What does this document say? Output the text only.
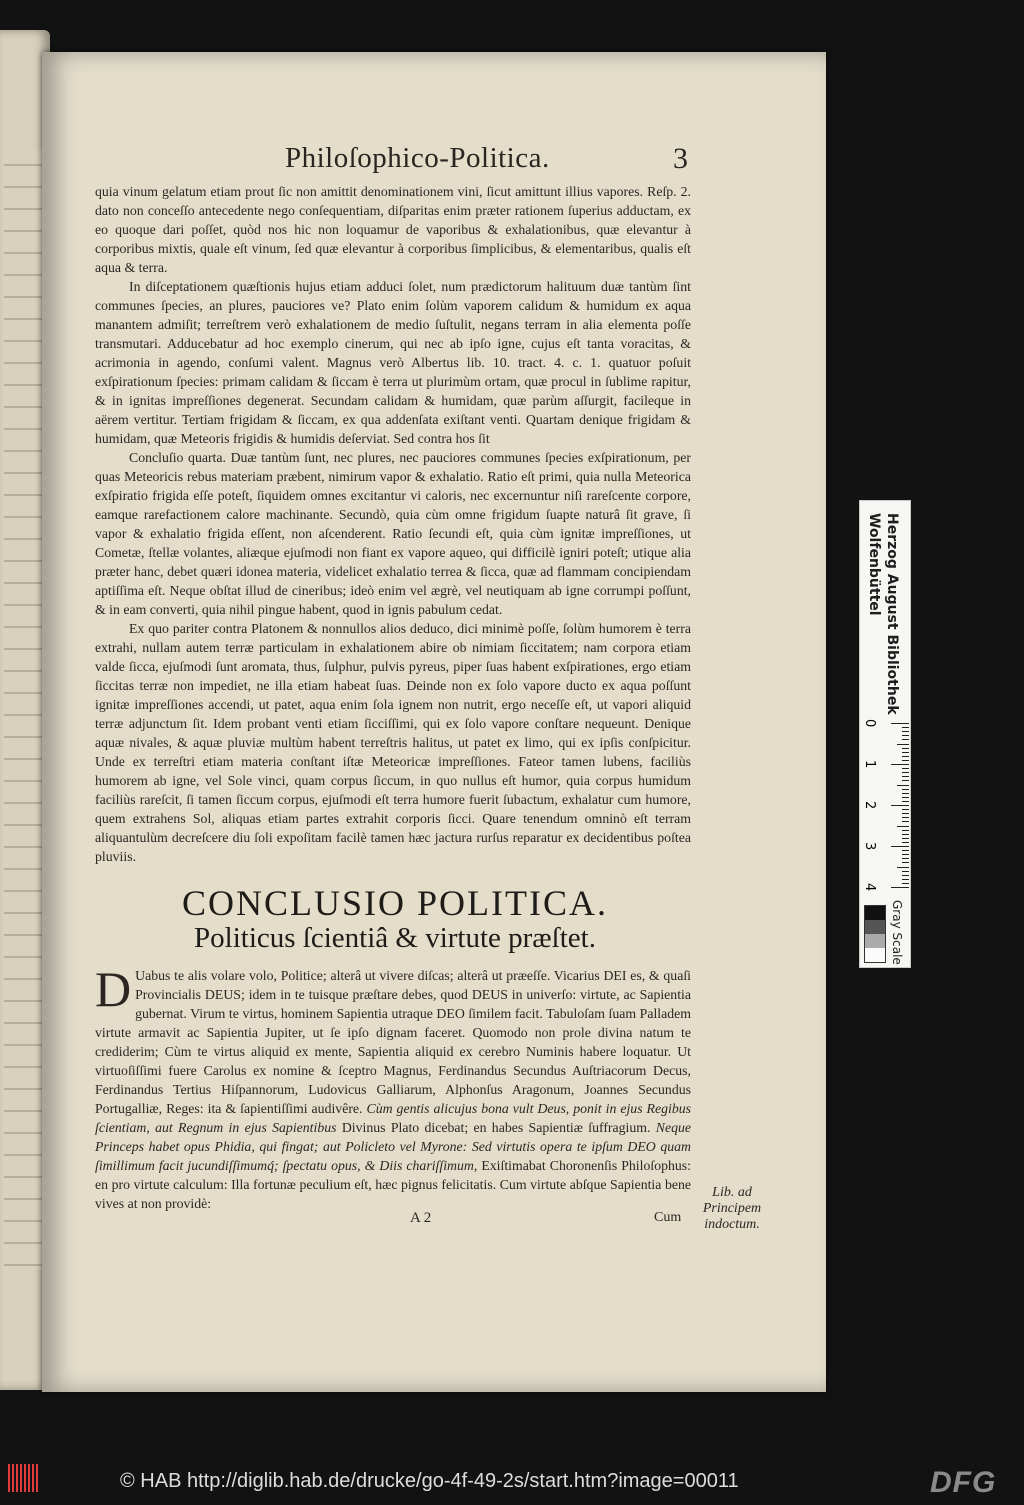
Philoſophico-Politica.	3

quia vinum gelatum etiam prout ſic non amittit denominationem vini, ſicut amittunt illius vapores. Reſp. 2. dato non conceſſo antecedente nego conſequentiam, diſparitas enim præter rationem ſuperius adductam, ex eo quoque dari poſſet, quòd nos hic non loquamur de vaporibus & exhalationibus, quæ elevantur à corporibus mixtis, quale eſt vinum, ſed quæ elevantur à corporibus ſimplicibus, & elementaribus, qualis eſt aqua & terra.

In diſceptationem quæſtionis hujus etiam adduci ſolet, num prædictorum halituum duæ tantùm ſint communes ſpecies, an plures, pauciores ve? Plato enim ſolùm vaporem calidum & humidum ex aqua manantem admiſit; terreſtrem verò exhalationem de medio ſuſtulit, negans terram in alia elementa poſſe transmutari. Adducebatur ad hoc exemplo cinerum, qui nec ab ipſo igne, cujus eſt tanta voracitas, & acrimonia in agendo, conſumi valent. Magnus verò Albertus lib. 10. tract. 4. c. 1. quatuor poſuit exſpirationum ſpecies: primam calidam & ſiccam è terra ut plurimùm ortam, quæ procul in ſublime rapitur, & in ignitas impreſſiones degenerat. Secundam calidam & humidam, quæ parùm aſſurgit, facileque in aërem vertitur. Tertiam frigidam & ſiccam, ex qua addenſata exiſtant venti. Quartam denique frigidam & humidam, quæ Meteoris frigidis & humidis deſerviat. Sed contra hos ſit

Concluſio quarta. Duæ tantùm ſunt, nec plures, nec pauciores communes ſpecies exſpirationum, per quas Meteoricis rebus materiam præbent, nimirum vapor & exhalatio. Ratio eſt primi, quia nulla Meteorica exſpiratio frigida eſſe poteſt, ſiquidem omnes excitantur vi caloris, nec excernuntur niſi rareſcente corpore, eamque rarefactionem calore machinante. Secundò, quia cùm omne frigidum ſuapte naturâ ſit grave, ſi vapor & exhalatio frigida eſſent, non aſcenderent. Ratio ſecundi eſt, quia cùm ignitæ impreſſiones, ut Cometæ, ſtellæ volantes, aliæque ejuſmodi non fiant ex vapore aqueo, qui difficilè igniri poteſt; utique alia præter hanc, debet quæri idonea materia, videlicet exhalatio terrea & ſicca, quæ ad flammam concipiendam aptiſſima eſt. Neque obſtat illud de cineribus; ideò enim vel ægrè, vel neutiquam ab igne corrumpi poſſunt, & in eam converti, quia nihil pingue habent, quod in ignis pabulum cedat.

Ex quo pariter contra Platonem & nonnullos alios deduco, dici minimè poſſe, ſolùm humorem è terra extrahi, nullam autem terræ particulam in exhalationem abire ob nimiam ſiccitatem; nam corpora etiam valde ſicca, ejuſmodi ſunt aromata, thus, ſulphur, pulvis pyreus, piper ſuas habent exſpirationes, ergo etiam ſiccitas terræ non impediet, ne illa etiam habeat ſuas. Deinde non ex ſolo vapore ducto ex aqua poſſunt ignitæ impreſſiones accendi, ut patet, aqua enim ſola ignem non nutrit, ergo neceſſe eſt, ut vapori aliquid terræ adjunctum ſit. Idem probant venti etiam ſicciſſimi, qui ex ſolo vapore conſtare nequeunt. Denique aquæ nivales, & aquæ pluviæ multùm habent terreſtris halitus, ut patet ex limo, qui ex ipſis conſpicitur. Unde ex terreſtri etiam materia conſtant iſtæ Meteoricæ impreſſiones. Fateor tamen lubens, faciliùs humorem ab igne, vel Sole vinci, quam corpus ſiccum, in quo nullus eſt humor, quia corpus humidum faciliùs rareſcit, ſi tamen ſiccum corpus, ejuſmodi eſt terra humore fuerit ſubactum, exhalatur cum humore, quem extrahens Sol, aliquas etiam partes extrahit corporis ſicci. Quare tenendum omninò eſt terram aliquantulùm decreſcere diu ſoli expoſitam facilè tamen hæc jactura rurſus reparatur ex decidentibus poſtea pluviis.

CONCLUSIO POLITICA.
Politicus ſcientiâ & virtute præſtet.
D Uabus te alis volare volo, Politice; alterâ ut vivere diſcas; alterâ ut præeſſe. Vicarius DEI es, & quaſi Provincialis DEUS; idem in te tuisque præſtare debes, quod DEUS in univerſo: virtute, ac Sapientia gubernat. Virum te virtus, hominem Sapientia utraque DEO ſimilem facit. Tabuloſam ſuam Palladem virtute armavit ac Sapientia Jupiter, ut ſe ipſo dignam faceret. Quomodo non prole divina natum te crediderim; Cùm te virtus aliquid ex mente, Sapientia aliquid ex cerebro Numinis habere loquatur. Ut virtuoſiſſimi fuere Carolus ex nomine & ſceptro Magnus, Ferdinandus Secundus Auſtriacorum Decus, Ferdinandus Tertius Hiſpannorum, Ludovicus Galliarum, Alphonſus Aragonum, Joannes Secundus Portugalliæ, Reges: ita & ſapientiſſimi audivêre. Cùm gentis alicujus bona vult Deus, ponit in ejus Regibus ſcientiam, aut Regnum in ejus Sapientibus Divinus Plato dicebat; en habes Sapientiæ ſuffragium. Neque Princeps habet opus Phidia, qui fingat; aut Policleto vel Myrone: Sed virtutis opera te ipſum DEO quam ſimillimum facit jucundiſſimumq́; ſpectatu opus, & Diis chariſſimum, Exiſtimabat Choronenſis Philoſophus: en pro virtute calculum: Illa fortunæ peculium eſt, hæc pignus felicitatis. Cum virtute abſque Sapientia bene vives at non providè:
A 2	Cum
Lib. ad
Principem
indoctum.
Herzog August Bibliothek
Wolfenbüttel
0
1
2
3
4
Gray Scale
© HAB http://diglib.hab.de/drucke/go-4f-49-2s/start.htm?image=00011	DFG
